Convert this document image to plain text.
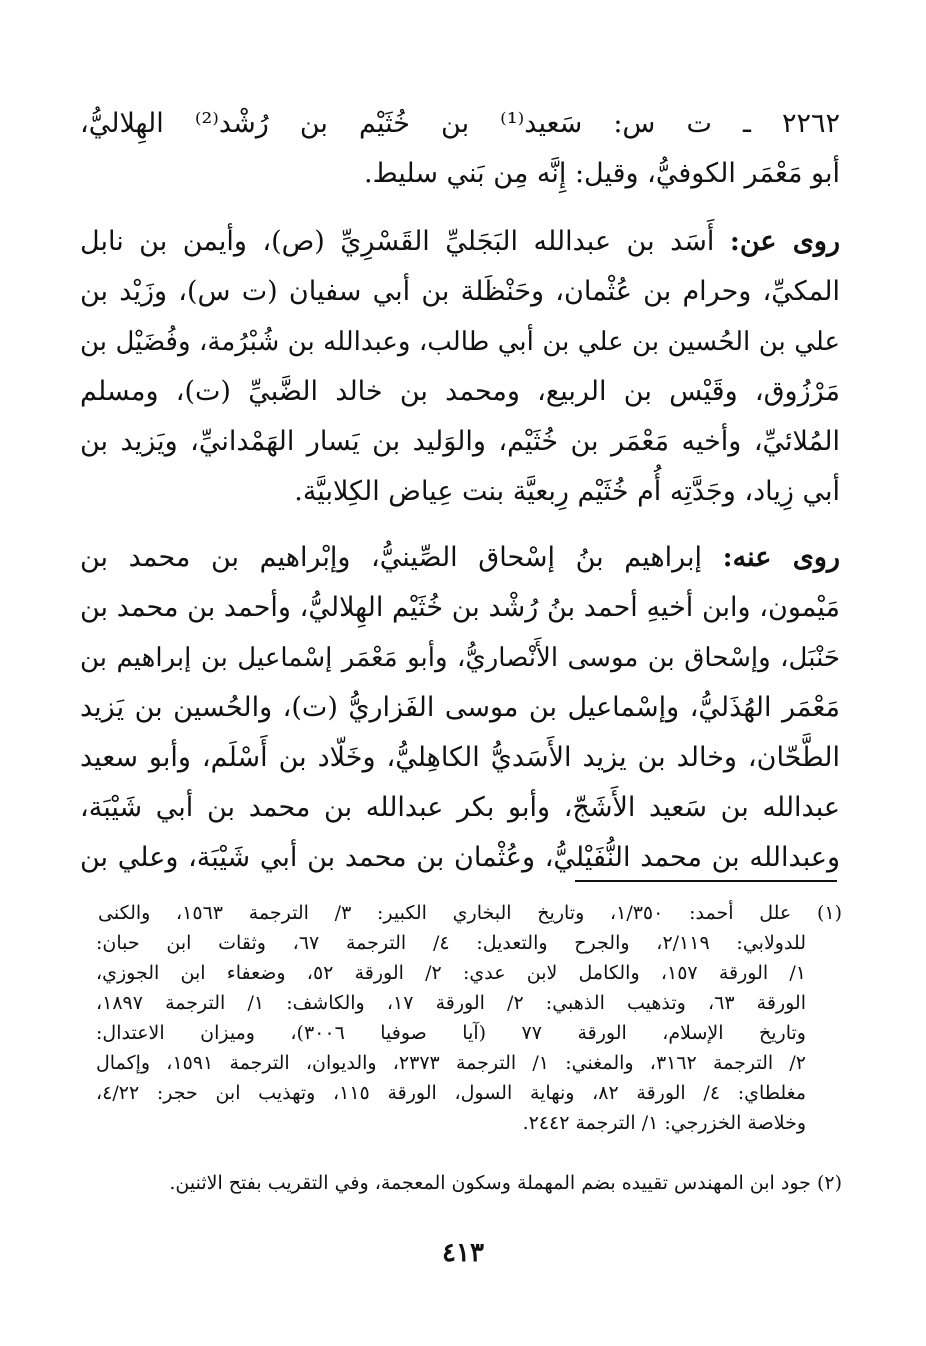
٢٢٦٢ ـ ت س: سَعيد⁽¹⁾ بن خُثَيْم بن رُشْد⁽²⁾ الهِلاليُّ،
أبو مَعْمَر الكوفيُّ، وقيل: إِنَّه مِن بَني سليط.
روى عن: أَسَد بن عبدالله البَجَليِّ القَسْرِيِّ (ص)، وأيمن بن نابل
المكيِّ، وحرام بن عُثْمان، وحَنْظَلة بن أبي سفيان (ت س)، وزَيْد بن
علي بن الحُسين بن علي بن أبي طالب، وعبدالله بن شُبْرُمة، وفُضَيْل بن
مَرْزُوق، وقَيْس بن الربيع، ومحمد بن خالد الضَّبيِّ (ت)، ومسلم
المُلائيِّ، وأخيه مَعْمَر بن خُثَيْم، والوَليد بن يَسار الهَمْدانيِّ، ويَزيد بن
أبي زِياد، وجَدَّتِه أُم خُثَيْم رِبعيَّة بنت عِياض الكِلابيَّة.
روى عنه: إبراهيم بنُ إسْحاق الصِّينيُّ، وإبْراهيم بن محمد بن
مَيْمون، وابن أخيهِ أحمد بنُ رُشْد بن خُثَيْم الهِلاليُّ، وأحمد بن محمد بن
حَنْبَل، وإسْحاق بن موسى الأَنْصاريُّ، وأبو مَعْمَر إسْماعيل بن إبراهيم بن
مَعْمَر الهُذَليُّ، وإسْماعيل بن موسى الفَزاريُّ (ت)، والحُسين بن يَزيد
الطَّحّان، وخالد بن يزيد الأَسَديُّ الكاهِليُّ، وخَلّاد بن أَسْلَم، وأبو سعيد
عبدالله بن سَعيد الأَشَجّ، وأبو بكر عبدالله بن محمد بن أبي شَيْبَة،
وعبدالله بن محمد النُّفَيْليُّ، وعُثْمان بن محمد بن أبي شَيْبَة، وعلي بن
(١) علل أحمد: ١/٣٥٠، وتاريخ البخاري الكبير: ٣/ الترجمة ١٥٦٣، والكنى
للدولابي: ٢/١١٩، والجرح والتعديل: ٤/ الترجمة ٦٧، وثقات ابن حبان:
١/ الورقة ١٥٧، والكامل لابن عدي: ٢/ الورقة ٥٢، وضعفاء ابن الجوزي،
الورقة ٦٣، وتذهيب الذهبي: ٢/ الورقة ١٧، والكاشف: ١/ الترجمة ١٨٩٧،
وتاريخ الإسلام، الورقة ٧٧ (آيا صوفيا ٣٠٠٦)، وميزان الاعتدال:
٢/ الترجمة ٣١٦٢، والمغني: ١/ الترجمة ٢٣٧٣، والديوان، الترجمة ١٥٩١، وإكمال
مغلطاي: ٤/ الورقة ٨٢، ونهاية السول، الورقة ١١٥، وتهذيب ابن حجر: ٤/٢٢،
وخلاصة الخزرجي: ١/ الترجمة ٢٤٤٢.
(٢) جود ابن المهندس تقييده بضم المهملة وسكون المعجمة، وفي التقريب بفتح الاثنين.
٤١٣
